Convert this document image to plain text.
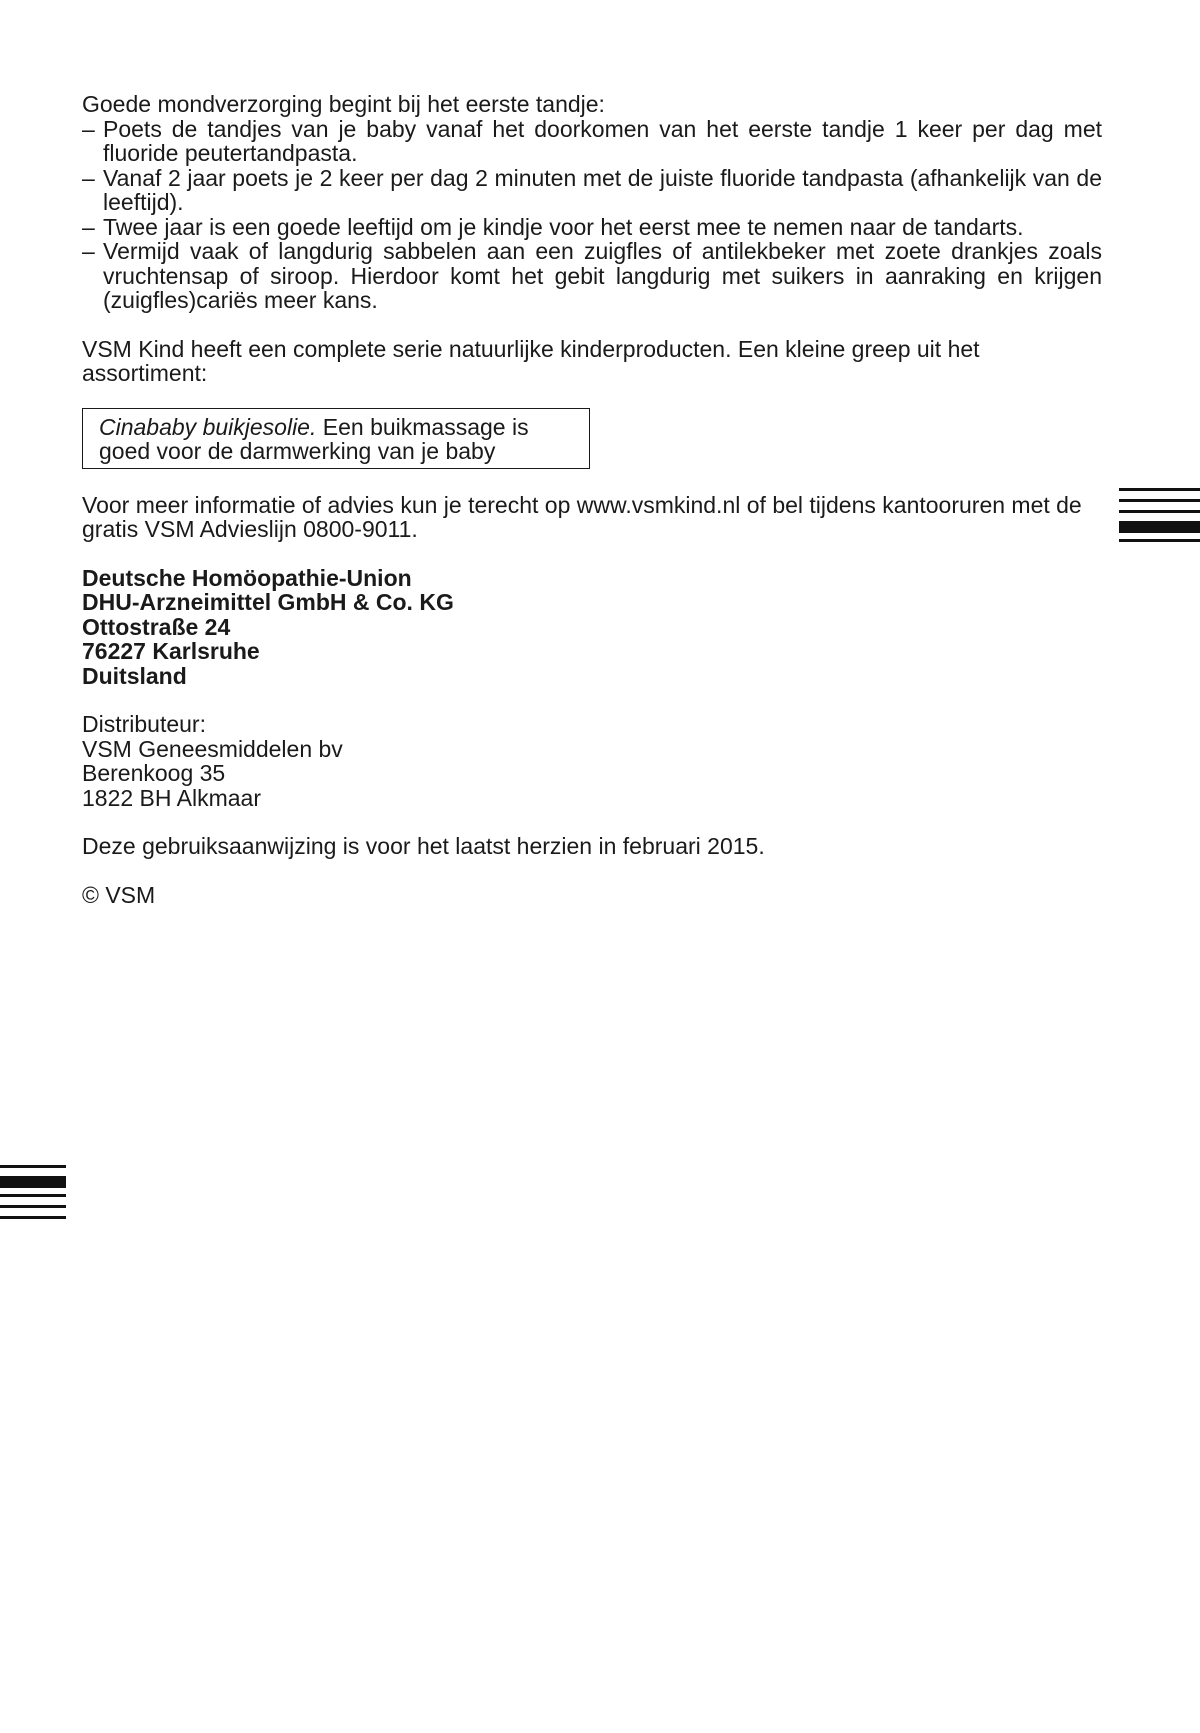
Goede mondverzorging begint bij het eerste tandje:

– Poets de tandjes van je baby vanaf het doorkomen van het eerste tandje 1 keer per dag met fluoride peutertandpasta.
– Vanaf 2 jaar poets je 2 keer per dag 2 minuten met de juiste fluoride tandpasta (afhankelijk van de leeftijd).
– Twee jaar is een goede leeftijd om je kindje voor het eerst mee te nemen naar de tandarts.
– Vermijd vaak of langdurig sabbelen aan een zuigfles of antilekbeker met zoete drankjes zoals vruchtensap of siroop. Hierdoor komt het gebit langdurig met suikers in aanraking en krijgen (zuigfles)cariës meer kans.

VSM Kind heeft een complete serie natuurlijke kinderproducten. Een kleine greep uit het assortiment:

Cinababy buikjesolie. Een buikmassage is goed voor de darmwerking van je baby

Voor meer informatie of advies kun je terecht op www.vsmkind.nl of bel tijdens kantooruren met de gratis VSM Advieslijn 0800-9011.

Deutsche Homöopathie-Union
DHU-Arzneimittel GmbH & Co. KG
Ottostraße 24
76227 Karlsruhe
Duitsland
Distributeur:
VSM Geneesmiddelen bv
Berenkoog 35
1822 BH Alkmaar

Deze gebruiksaanwijzing is voor het laatst herzien in februari 2015.

© VSM
